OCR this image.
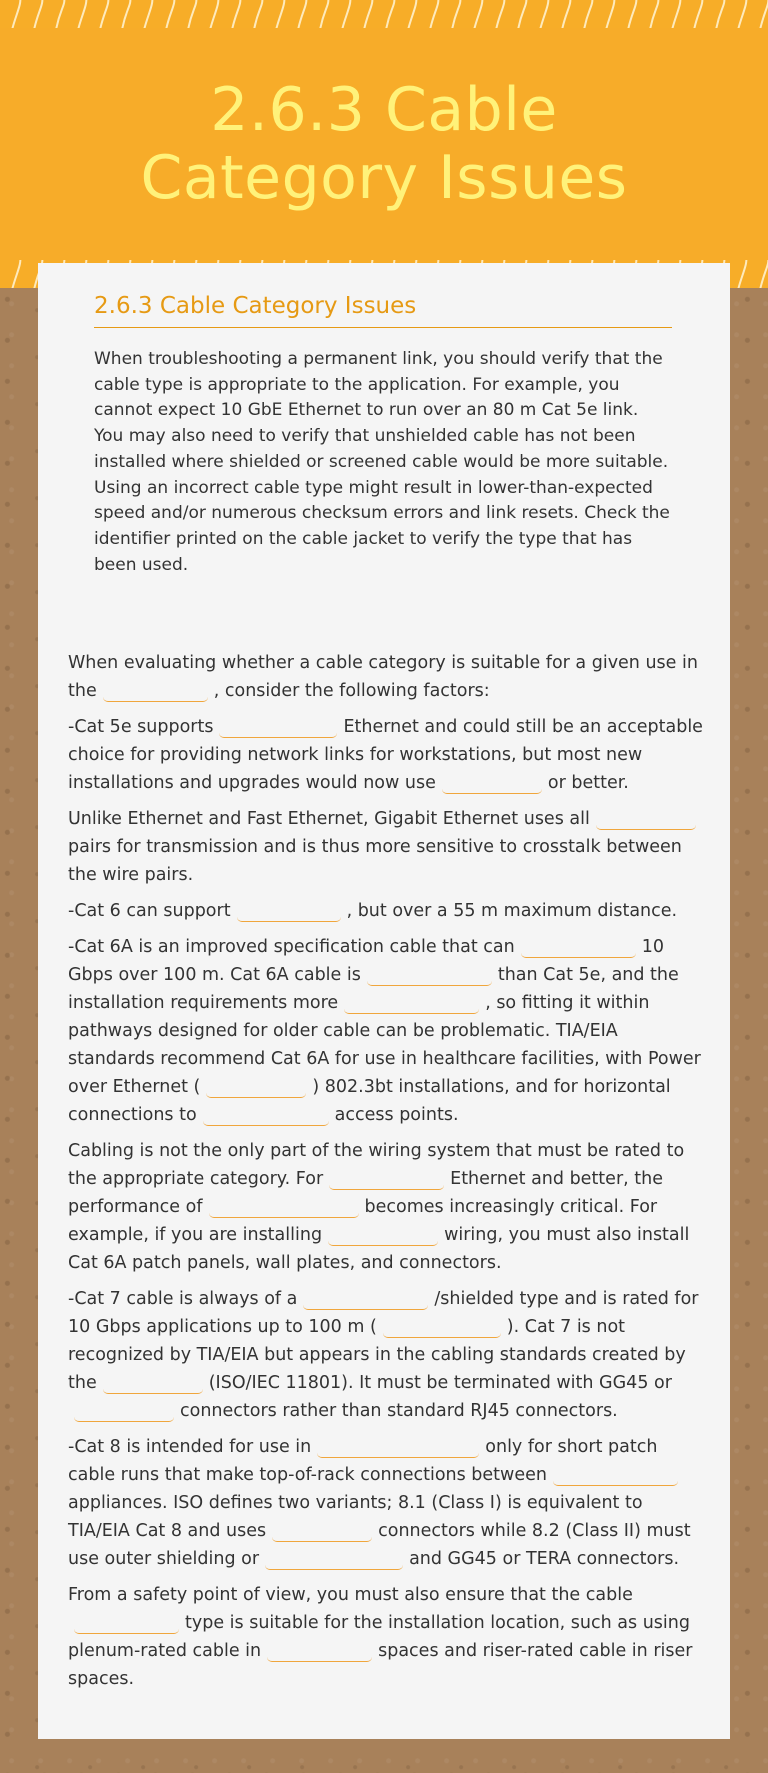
2.6.3 Cable Category Issues
2.6.3 Cable Category Issues

When troubleshooting a permanent link, you should verify that the cable type is appropriate to the application. For example, you cannot expect 10 GbE Ethernet to run over an 80 m Cat 5e link. You may also need to verify that unshielded cable has not been installed where shielded or screened cable would be more suitable. Using an incorrect cable type might result in lower-than-expected speed and/or numerous checksum errors and link resets. Check the identifier printed on the cable jacket to verify the type that has been used.

When evaluating whether a cable category is suitable for a given use in the	, consider the following factors:

-Cat 5e supports	Ethernet and could still be an acceptable choice for providing network links for workstations, but most new installations and upgrades would now use	or better.

Unlike Ethernet and Fast Ethernet, Gigabit Ethernet uses allpairs for transmission and is thus more sensitive to crosstalk between the wire pairs.

-Cat 6 can support	, but over a 55 m maximum distance.

-Cat 6A is an improved specification cable that can	10 Gbps over 100 m. Cat 6A cable is	than Cat 5e, and the installation requirements more	, so fitting it within pathways designed for older cable can be problematic. TIA/EIA standards recommend Cat 6A for use in healthcare facilities, with Power over Ethernet (	) 802.3bt installations, and for horizontal connections to	access points.

Cabling is not the only part of the wiring system that must be rated to the appropriate category. For	Ethernet and better, the performance of	becomes increasingly critical. For example, if you are installing	wiring, you must also install Cat 6A patch panels, wall plates, and connectors.

-Cat 7 cable is always of a	/shielded type and is rated for 10 Gbps applications up to 100 m (	). Cat 7 is not recognized by TIA/EIA but appears in the cabling standards created by the	(ISO/IEC 11801). It must be terminated with GG45 orconnectors rather than standard RJ45 connectors.

-Cat 8 is intended for use in	only for short patch cable runs that make top-of-rack connections betweenappliances. ISO defines two variants; 8.1 (Class I) is equivalent to TIA/EIA Cat 8 and uses	connectors while 8.2 (Class II) must use outer shielding or	and GG45 or TERA connectors.

From a safety point of view, you must also ensure that the cabletype is suitable for the installation location, such as using plenum-rated cable in	spaces and riser-rated cable in riser spaces.
